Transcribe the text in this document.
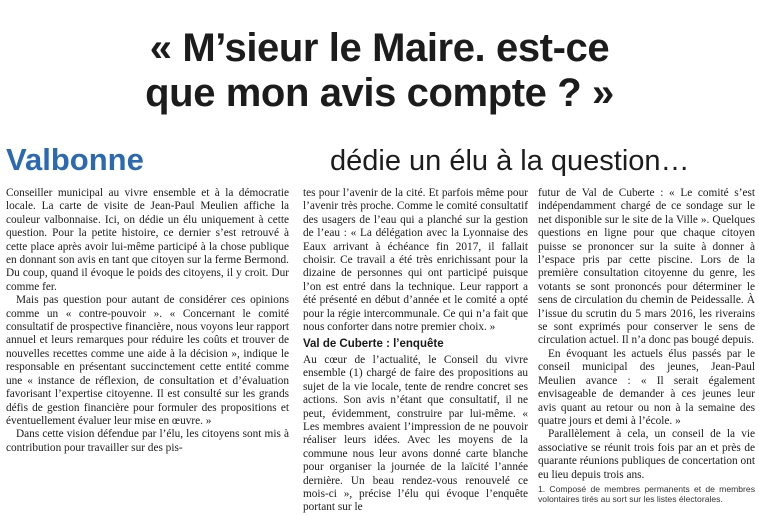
« M’sieur le Maire. est-ce
que mon avis compte ? »
Valbonne	dédie un élu à la question…

Conseiller municipal au vivre ensemble et à la démocratie locale. La carte de visite de Jean-Paul Meulien affiche la couleur valbonnaise. Ici, on dédie un élu uniquement à cette question. Pour la petite histoire, ce dernier s’est retrouvé à cette place après avoir lui-même participé à la chose publique en donnant son avis en tant que citoyen sur la ferme Bermond. Du coup, quand il évoque le poids des citoyens, il y croit. Dur comme fer.

Mais pas question pour autant de considérer ces opinions comme un « contre-pouvoir ». « Concernant le comité consultatif de prospective financière, nous voyons leur rapport annuel et leurs remarques pour réduire les coûts et trouver de nouvelles recettes comme une aide à la décision », indique le responsable en présentant succinctement cette entité comme une « instance de réflexion, de consultation et d’évaluation favorisant l’expertise citoyenne. Il est consulté sur les grands défis de gestion financière pour formuler des propositions et éventuellement évaluer leur mise en œuvre. »

Dans cette vision défendue par l’élu, les citoyens sont mis à contribution pour travailler sur des pis-

tes pour l’avenir de la cité. Et parfois même pour l’avenir très proche. Comme le comité consultatif des usagers de l’eau qui a planché sur la gestion de l’eau : « La délégation avec la Lyonnaise des Eaux arrivant à échéance fin 2017, il fallait choisir. Ce travail a été très enrichissant pour la dizaine de personnes qui ont participé puisque l’on est entré dans la technique. Leur rapport a été présenté en début d’année et le comité a opté pour la régie intercommunale. Ce qui n’a fait que nous conforter dans notre premier choix. »

Val de Cuberte : l’enquête

Au cœur de l’actualité, le Conseil du vivre ensemble (1) chargé de faire des propositions au sujet de la vie locale, tente de rendre concret ses actions. Son avis n’étant que consultatif, il ne peut, évidemment, construire par lui-même. « Les membres avaient l’impression de ne pouvoir réaliser leurs idées. Avec les moyens de la commune nous leur avons donné carte blanche pour organiser la journée de la laïcité l’année dernière. Un beau rendez-vous renouvelé ce mois-ci », précise l’élu qui évoque l’enquête portant sur le

futur de Val de Cuberte : « Le comité s’est indépendamment chargé de ce sondage sur le net disponible sur le site de la Ville ». Quelques questions en ligne pour que chaque citoyen puisse se prononcer sur la suite à donner à l’espace pris par cette piscine. Lors de la première consultation citoyenne du genre, les votants se sont prononcés pour déterminer le sens de circulation du chemin de Peidessalle. À l’issue du scrutin du 5 mars 2016, les riverains se sont exprimés pour conserver le sens de circulation actuel. Il n’a donc pas bougé depuis.

En évoquant les actuels élus passés par le conseil municipal des jeunes, Jean-Paul Meulien avance : « Il serait également envisageable de demander à ces jeunes leur avis quant au retour ou non à la semaine des quatre jours et demi à l’école. »

Parallèlement à cela, un conseil de la vie associative se réunit trois fois par an et près de quarante réunions publiques de concertation ont eu lieu depuis trois ans.

1. Composé de membres permanents et de membres volontaires tirés au sort sur les listes électorales.
